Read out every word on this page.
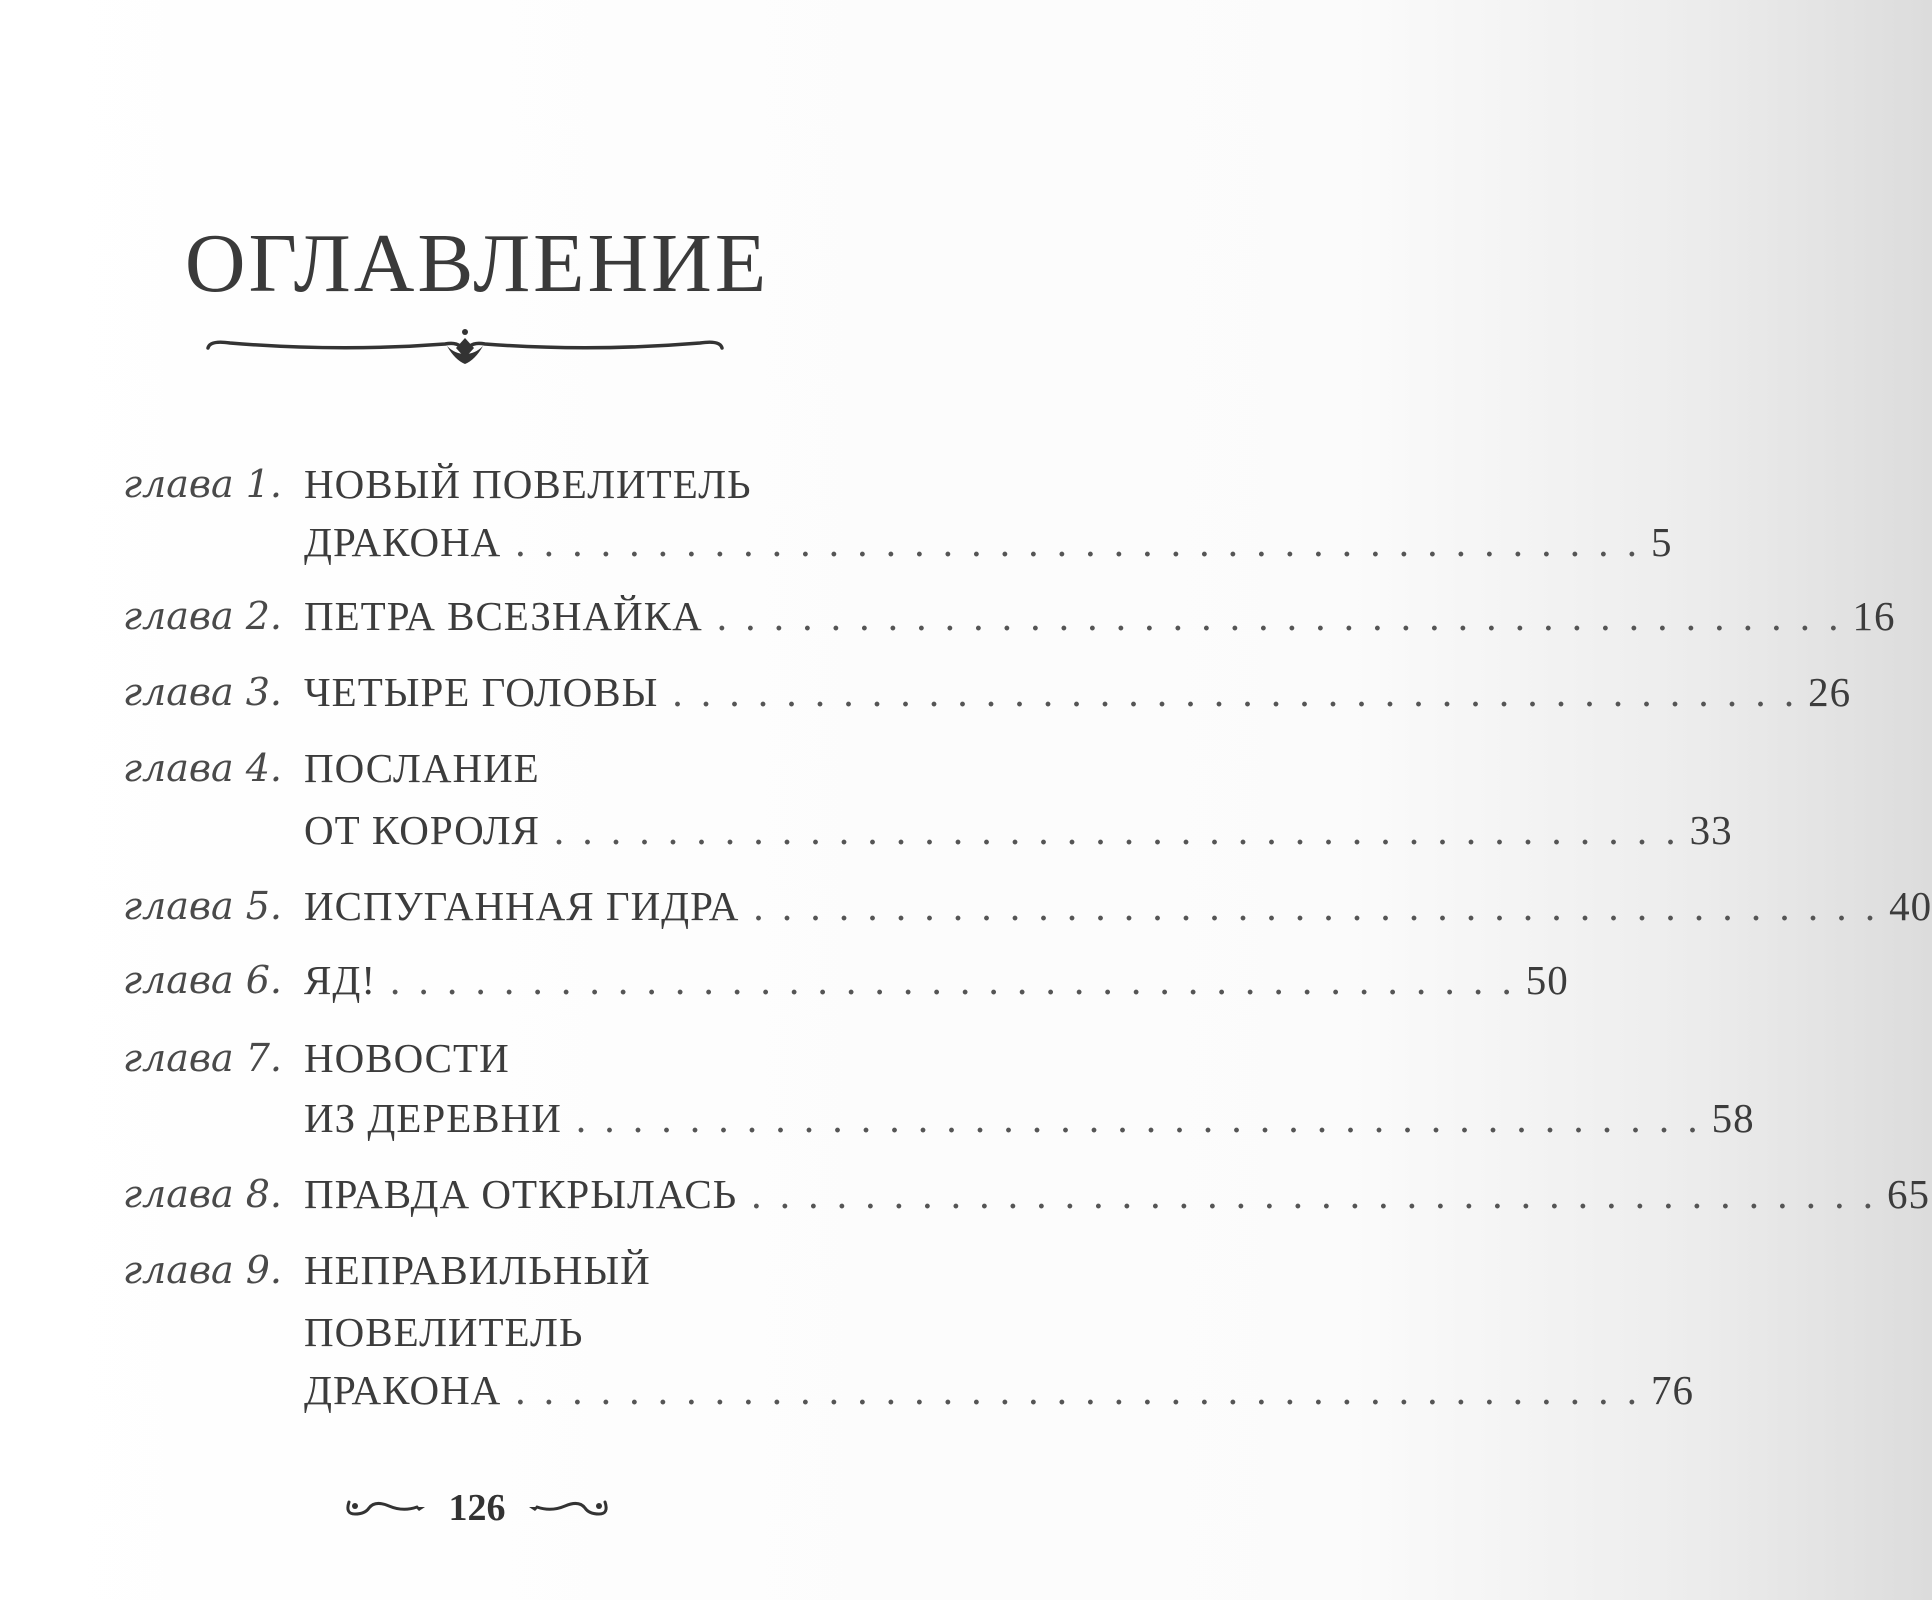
ОГЛАВЛЕНИЕ
глава 1. НОВЫЙ ПОВЕЛИТЕЛЬ
ДРАКОНА . . . . . . . . . . . . . . . . . . . . . . . . . . . . . . . . . . . . . . . . 5
глава 2. ПЕТРА ВСЕЗНАЙКА . . . . . . . . . . . . . . . . . . . . . . . . . . . . . . . . . . . . . . . . 16
глава 3. ЧЕТЫРЕ ГОЛОВЫ . . . . . . . . . . . . . . . . . . . . . . . . . . . . . . . . . . . . . . . . 26
глава 4. ПОСЛАНИЕ
ОТ КОРОЛЯ . . . . . . . . . . . . . . . . . . . . . . . . . . . . . . . . . . . . . . . . 33
глава 5. ИСПУГАННАЯ ГИДРА . . . . . . . . . . . . . . . . . . . . . . . . . . . . . . . . . . . . . . . . 40
глава 6. ЯД! . . . . . . . . . . . . . . . . . . . . . . . . . . . . . . . . . . . . . . . . 50
глава 7. НОВОСТИ
ИЗ ДЕРЕВНИ . . . . . . . . . . . . . . . . . . . . . . . . . . . . . . . . . . . . . . . . 58
глава 8. ПРАВДА ОТКРЫЛАСЬ . . . . . . . . . . . . . . . . . . . . . . . . . . . . . . . . . . . . . . . . 65
глава 9. НЕПРАВИЛЬНЫЙ
ПОВЕЛИТЕЛЬ
ДРАКОНА . . . . . . . . . . . . . . . . . . . . . . . . . . . . . . . . . . . . . . . . 76
126
